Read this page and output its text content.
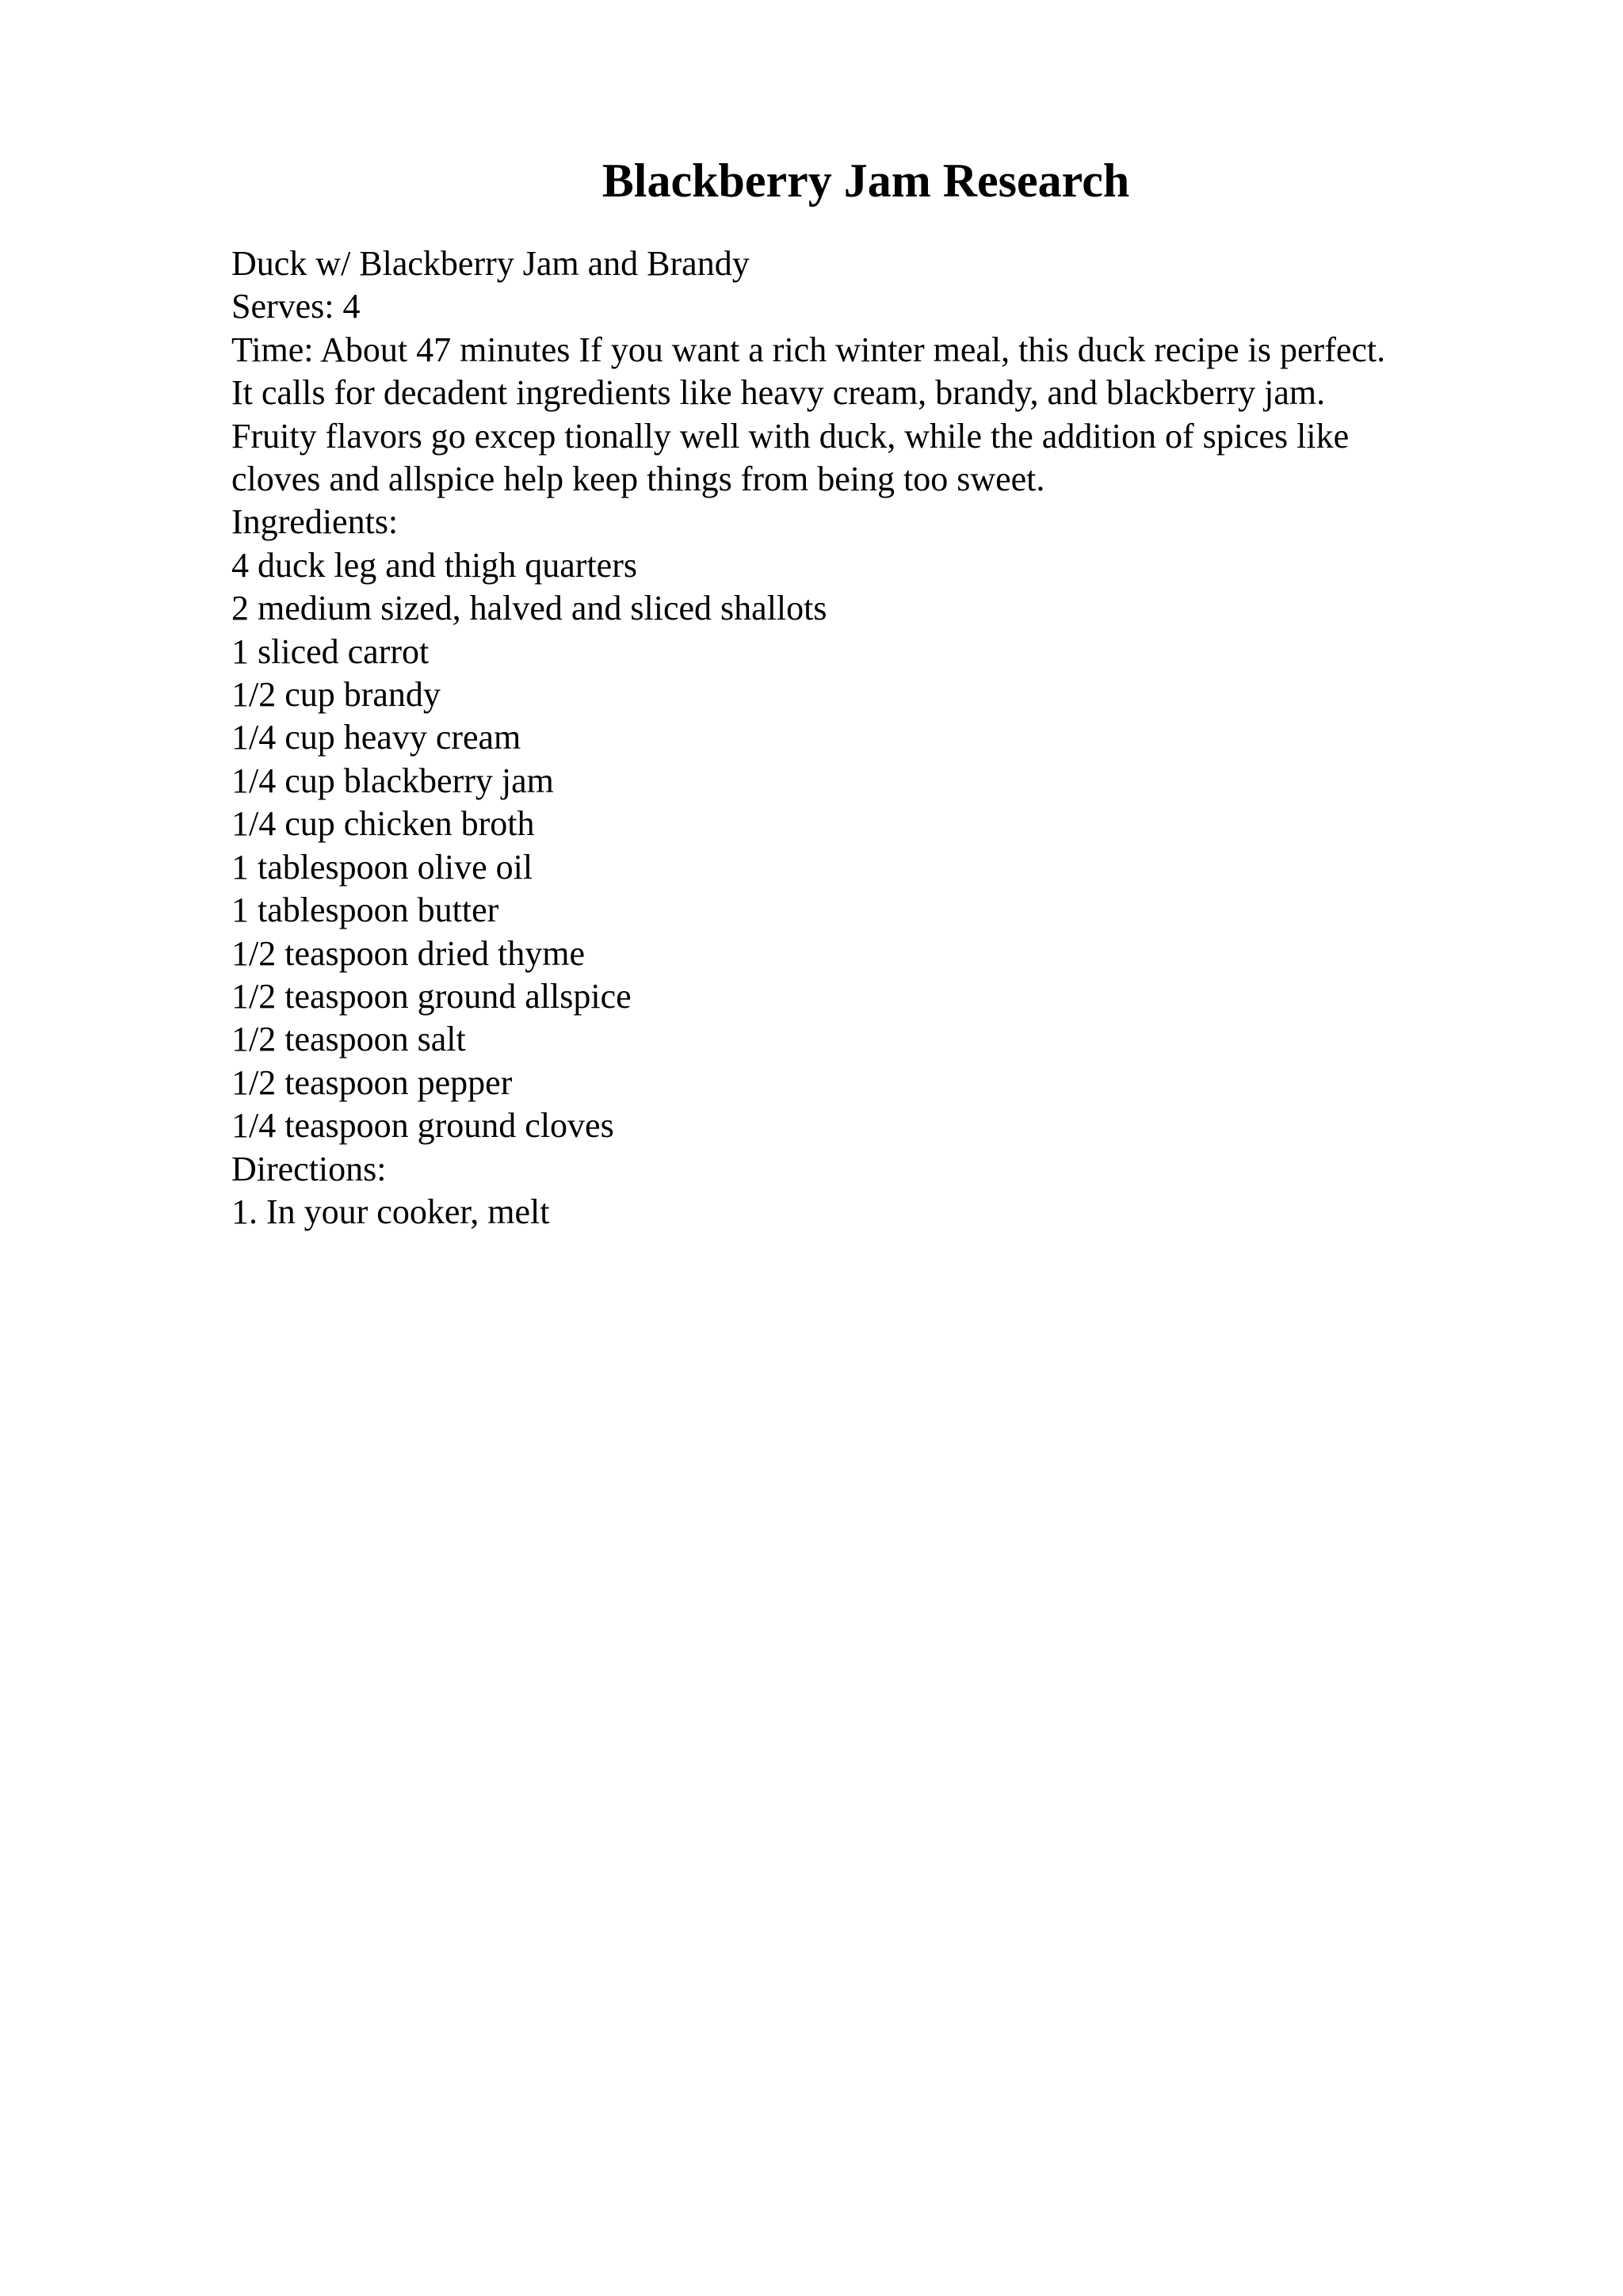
Blackberry Jam Research
Duck w/ Blackberry Jam and Brandy
Serves: 4
Time: About 47 minutes If you want a rich winter meal, this duck recipe is perfect.
It calls for decadent ingredients like heavy cream, brandy, and blackberry jam.
Fruity flavors go excep tionally well with duck, while the addition of spices like
cloves and allspice help keep things from being too sweet.
Ingredients:
4 duck leg and thigh quarters
2 medium sized, halved and sliced shallots
1 sliced carrot
1/2 cup brandy
1/4 cup heavy cream
1/4 cup blackberry jam
1/4 cup chicken broth
1 tablespoon olive oil
1 tablespoon butter
1/2 teaspoon dried thyme
1/2 teaspoon ground allspice
1/2 teaspoon salt
1/2 teaspoon pepper
1/4 teaspoon ground cloves
Directions:
1. In your cooker, melt
